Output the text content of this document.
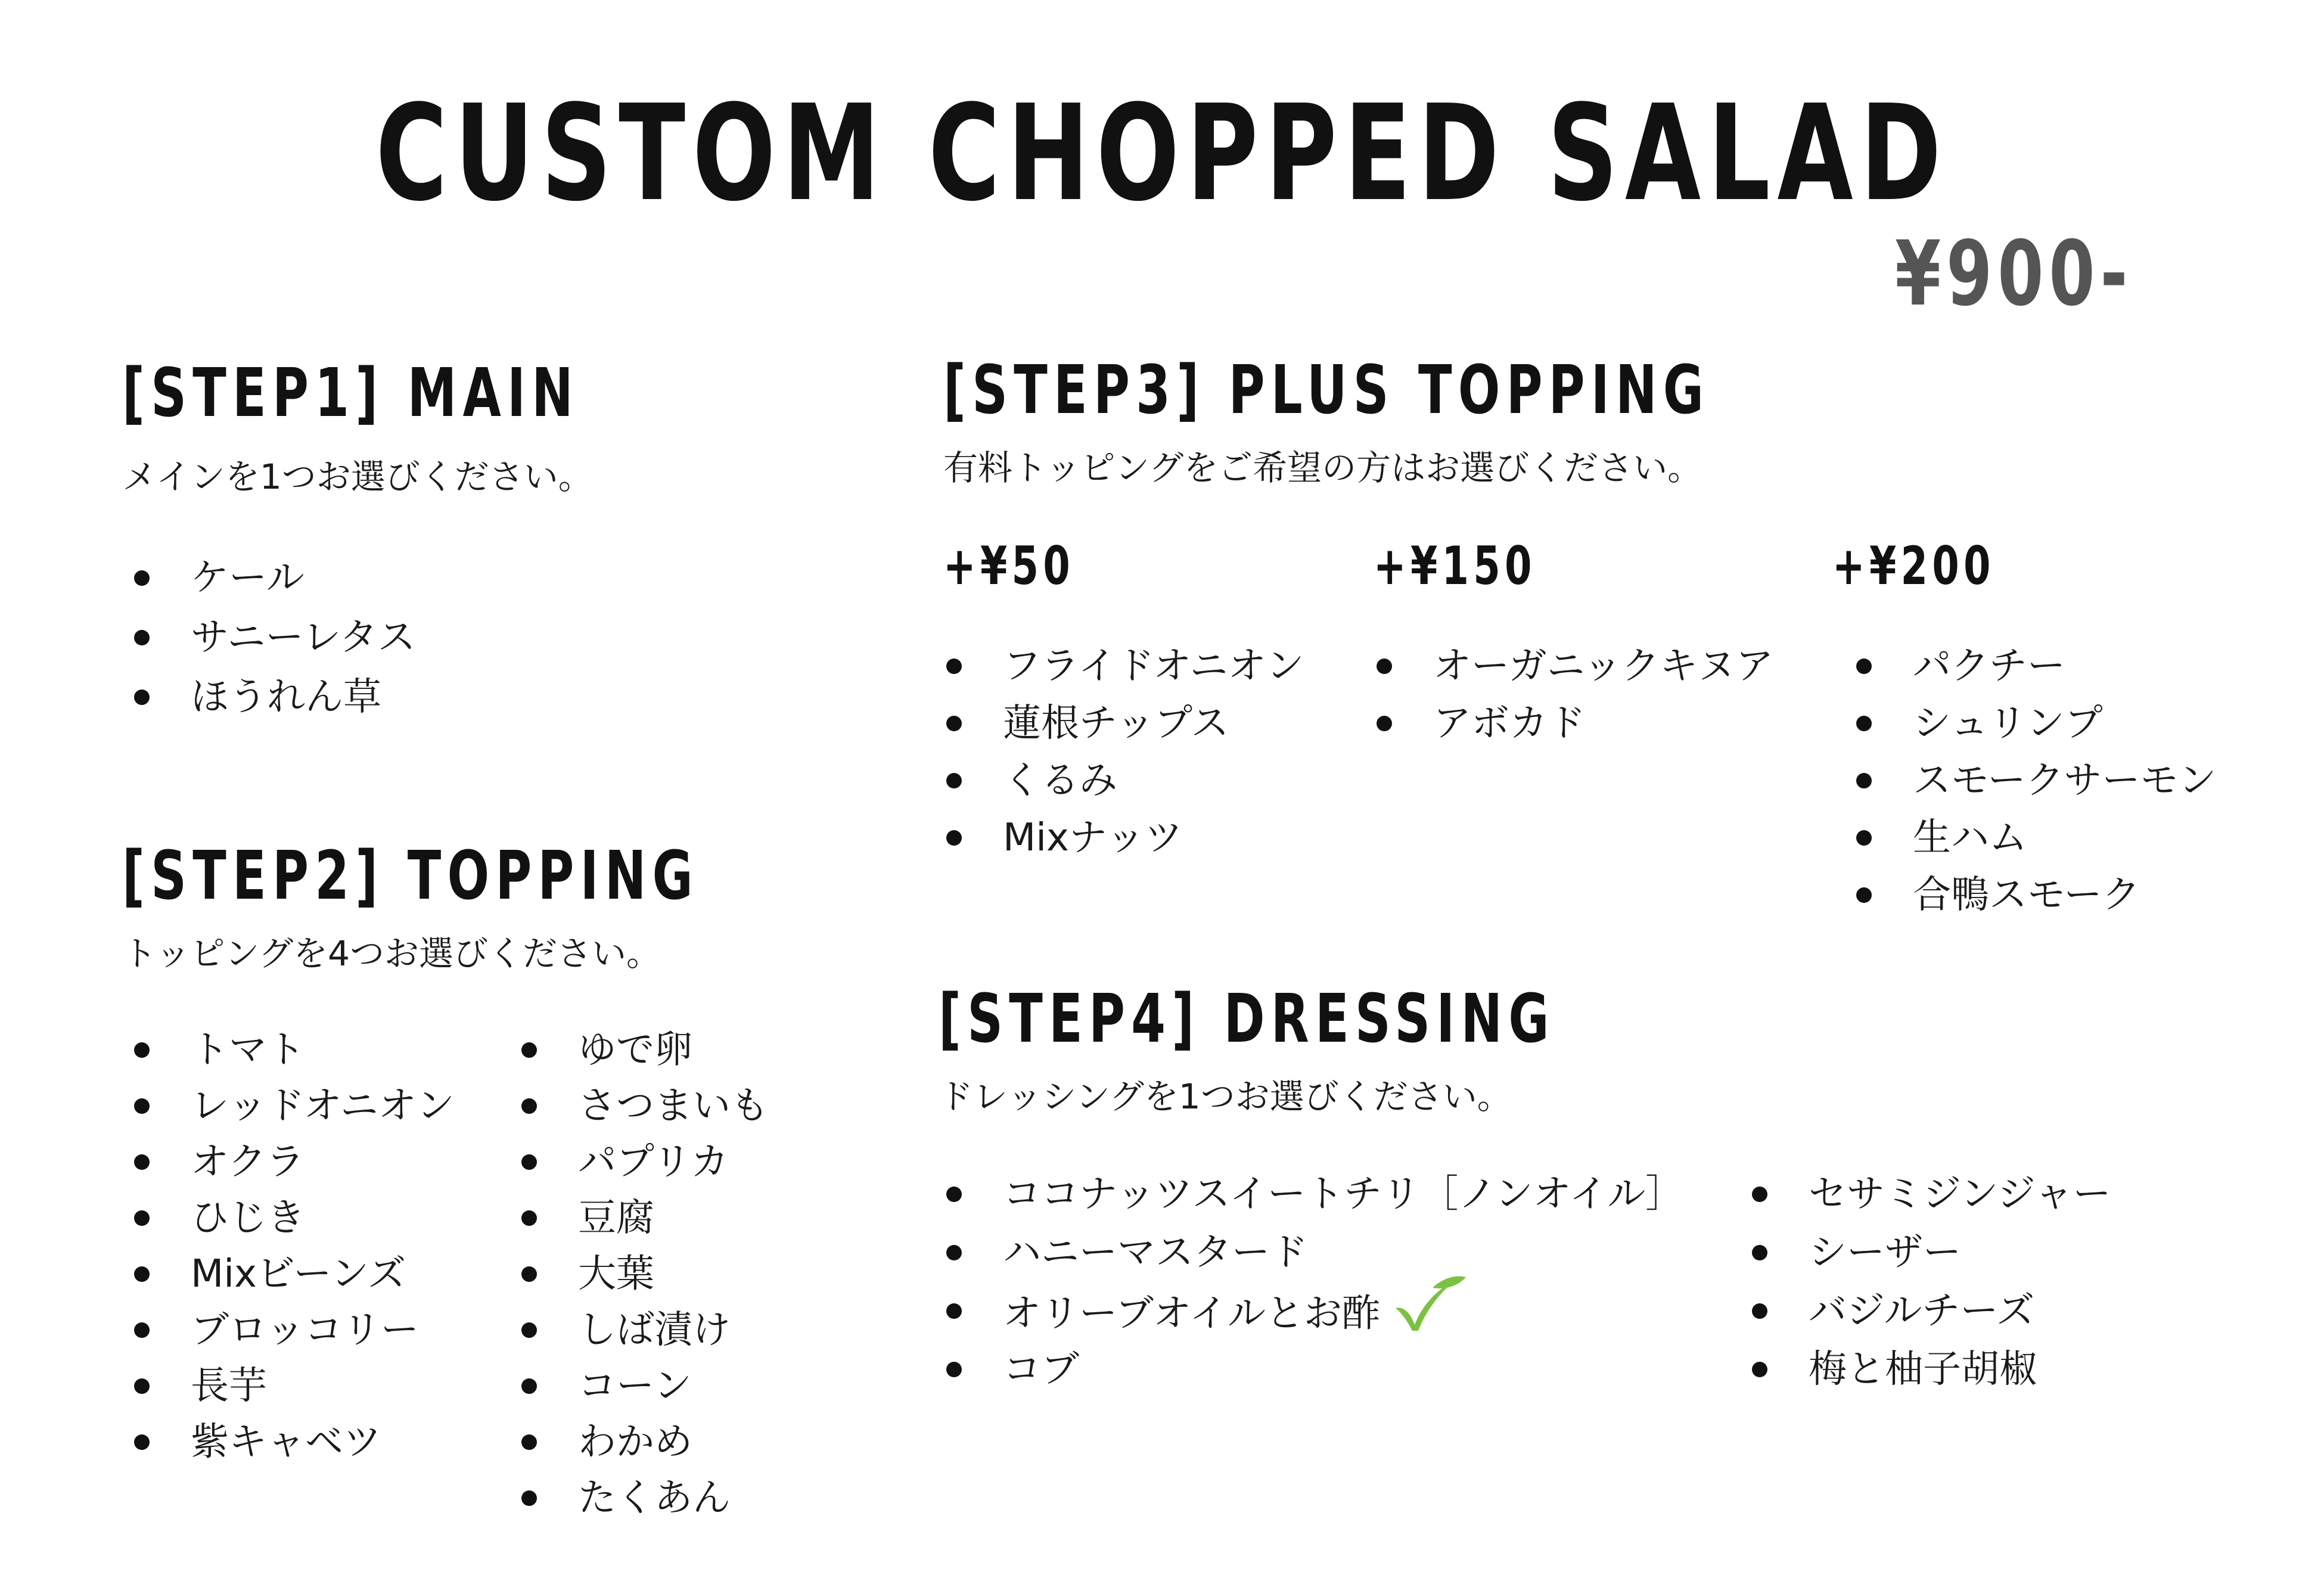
CUSTOM CHOPPED SALAD
¥900-
[STEP1] MAIN
メインを1つお選びください。
ケール
サニーレタス
ほうれん草
[STEP2] TOPPING
トッピングを4つお選びください。
トマト
レッドオニオン
オクラ
ひじき
Mixビーンズ
ブロッコリー
長芋
紫キャベツ
ゆで卵
さつまいも
パプリカ
豆腐
大葉
しば漬け
コーン
わかめ
たくあん
[STEP3] PLUS TOPPING
有料トッピングをご希望の方はお選びください。
+¥50	+¥150	+¥200
フライドオニオン
蓮根チップス
くるみ
Mixナッツ
オーガニックキヌア
アボカド
パクチー
シュリンプ
スモークサーモン
生ハム
合鴨スモーク
[STEP4] DRESSING
ドレッシングを1つお選びください。
ココナッツスイートチリ［ノンオイル］
ハニーマスタード
オリーブオイルとお酢
コブ
セサミジンジャー
シーザー
バジルチーズ
梅と柚子胡椒
